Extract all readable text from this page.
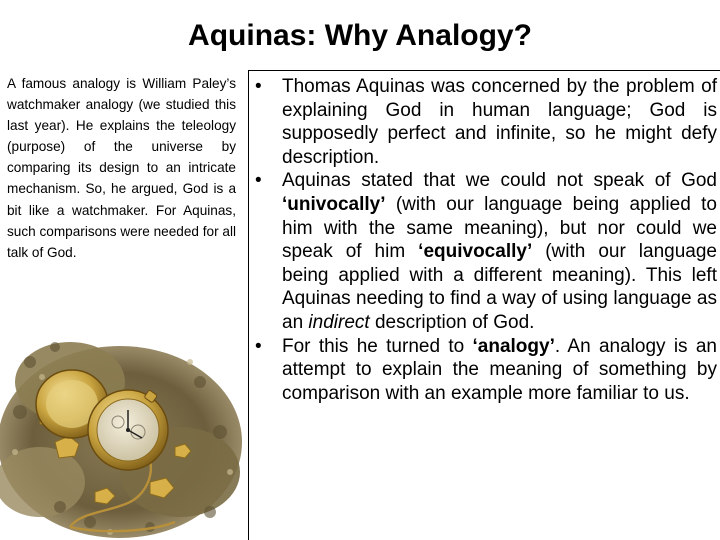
Aquinas: Why Analogy?

A famous analogy is William Paley’s watchmaker analogy (we studied this last year). He explains the teleology (purpose) of the universe by comparing its design to an intricate mechanism. So, he argued, God is a bit like a watchmaker. For Aquinas, such comparisons were needed for all talk of God.

• Thomas Aquinas was concerned by the problem of explaining God in human language; God is supposedly perfect and infinite, so he might defy description.
• Aquinas stated that we could not speak of God ‘univocally’ (with our language being applied to him with the same meaning), but nor could we speak of him ‘equivocally’ (with our language being applied with a different meaning). This left Aquinas needing to find a way of using language as an indirect description of God.
• For this he turned to ‘analogy’. An analogy is an attempt to explain the meaning of something by comparison with an example more familiar to us.
